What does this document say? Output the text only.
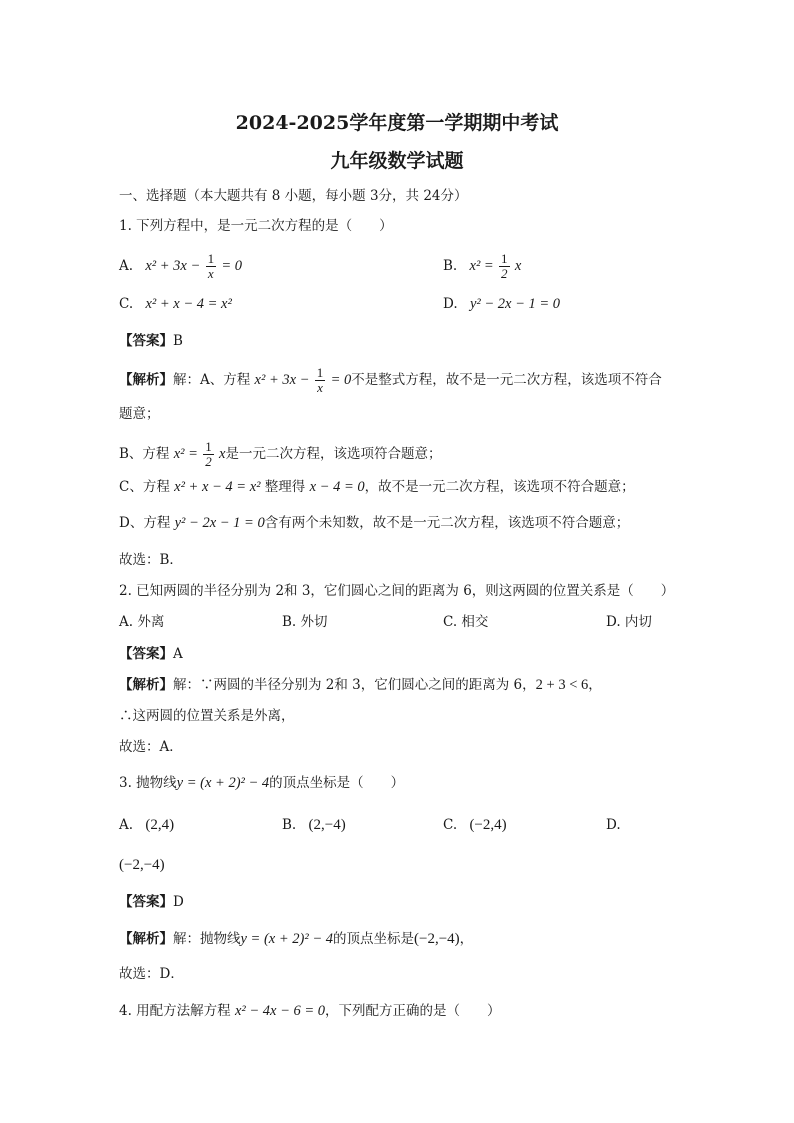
2024-2025学年度第一学期期中考试
九年级数学试题
一、选择题（本大题共有 8 小题，每小题 3分，共 24分）
1. 下列方程中，是一元二次方程的是（　　）
A. $x^2 + 3x - \frac{1}{x} = 0$	B. $x^2 = \frac{1}{2}$ x
C. x² + x − 4 = x²	D. y² − 2x − 1 = 0
【答案】B
【解析】解：A、方程 $x^2 + 3x - \frac{1}{x} = 0$不是整式方程，故不是一元二次方程，该选项不符合
题意；
B、方程 $x^2 = \frac{1}{2}$ x是一元二次方程，该选项符合题意；
C、方程 x² + x − 4 = x² 整理得 x − 4 = 0，故不是一元二次方程，该选项不符合题意；
D、方程 y² − 2x − 1 = 0含有两个未知数，故不是一元二次方程，该选项不符合题意；
故选：B．
2. 已知两圆的半径分别为 2和 3，它们圆心之间的距离为 6，则这两圆的位置关系是（　　）
A. 外离	B. 外切	C. 相交	D. 内切
【答案】A
【解析】解：∵两圆的半径分别为 2和 3，它们圆心之间的距离为 6，2 + 3 < 6，
∴这两圆的位置关系是外离，
故选：A．
3. 抛物线y = (x + 2)² − 4的顶点坐标是（　　）
A. (2,4)	B. (2,−4)	C. (−2,4)	D.
(−2,−4)
【答案】D
【解析】解：抛物线y = (x + 2)² − 4的顶点坐标是(−2,−4)，
故选：D．
4. 用配方法解方程 x² − 4x − 6 = 0，下列配方正确的是（　　）
